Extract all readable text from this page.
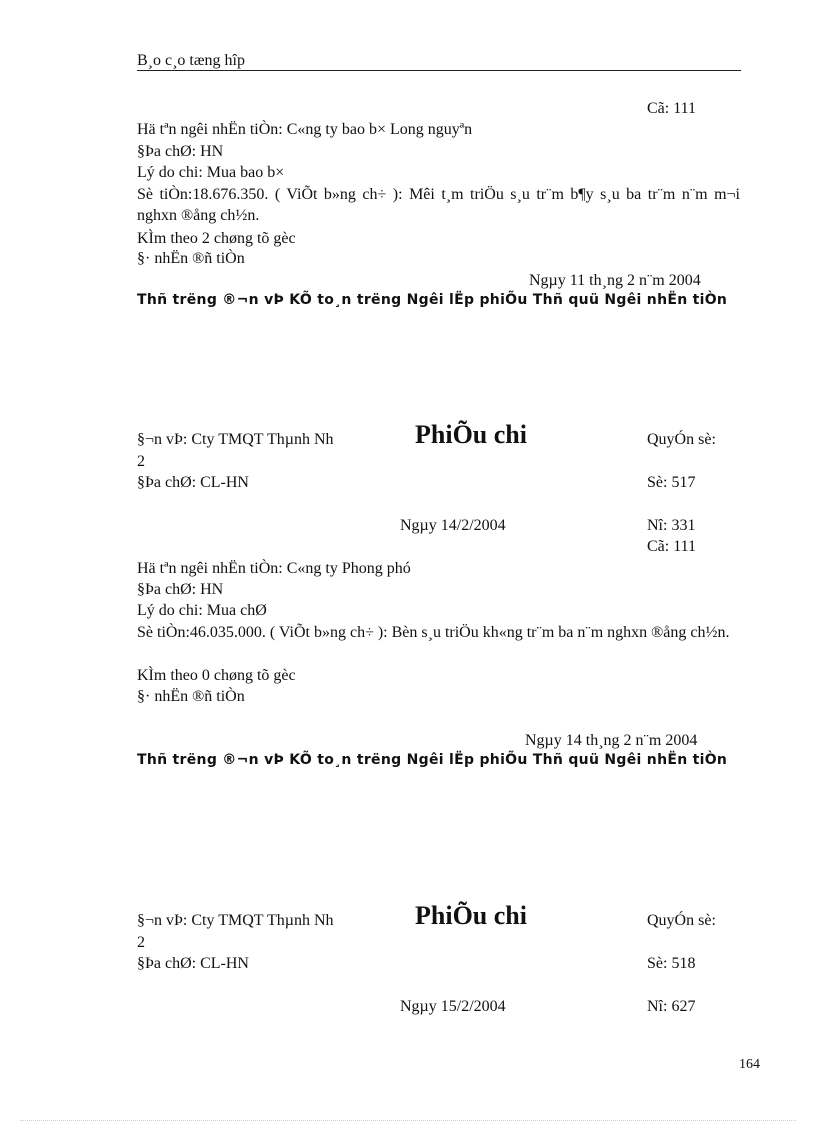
B¸o c¸o tæng hîp
Cã: 111
Hä tªn ngêi nhËn tiÒn: C«ng ty bao b× Long nguyªn
§Þa chØ: HN
Lý do chi: Mua bao b×
Sè tiÒn:18.676.350. ( ViÕt b»ng ch÷ ): Mêi t¸m triÖu s¸u tr¨m b¶y s¸u ba tr¨m n¨m m¬i nghxn ®ång ch½n.
KÌm theo 2 chøng tõ gèc
§· nhËn ®ñ tiÒn
Ngµy 11 th¸ng 2 n¨m 2004
Thñ trëng ®¬n vÞ KÕ to¸n trëng Ngêi lËp phiÕu Thñ quü Ngêi nhËn tiÒn
§¬n vÞ: Cty TMQT Thµnh Nh	PhiÕu chi	QuyÓn sè:
2
§Þa chØ: CL-HN	Sè: 517
Ngµy 14/2/2004	Nî: 331
Cã: 111
Hä tªn ngêi nhËn tiÒn: C«ng ty Phong phó
§Þa chØ: HN
Lý do chi: Mua chØ
Sè tiÒn:46.035.000. ( ViÕt b»ng ch÷ ): Bèn s¸u triÖu kh«ng tr¨m ba n¨m nghxn ®ång ch½n.
KÌm theo 0 chøng tõ gèc
§· nhËn ®ñ tiÒn
Ngµy 14 th¸ng 2 n¨m 2004
Thñ trëng ®¬n vÞ KÕ to¸n trëng Ngêi lËp phiÕu Thñ quü Ngêi nhËn tiÒn
§¬n vÞ: Cty TMQT Thµnh Nh	PhiÕu chi	QuyÓn sè:
2
§Þa chØ: CL-HN	Sè: 518
Ngµy 15/2/2004	Nî: 627
164
